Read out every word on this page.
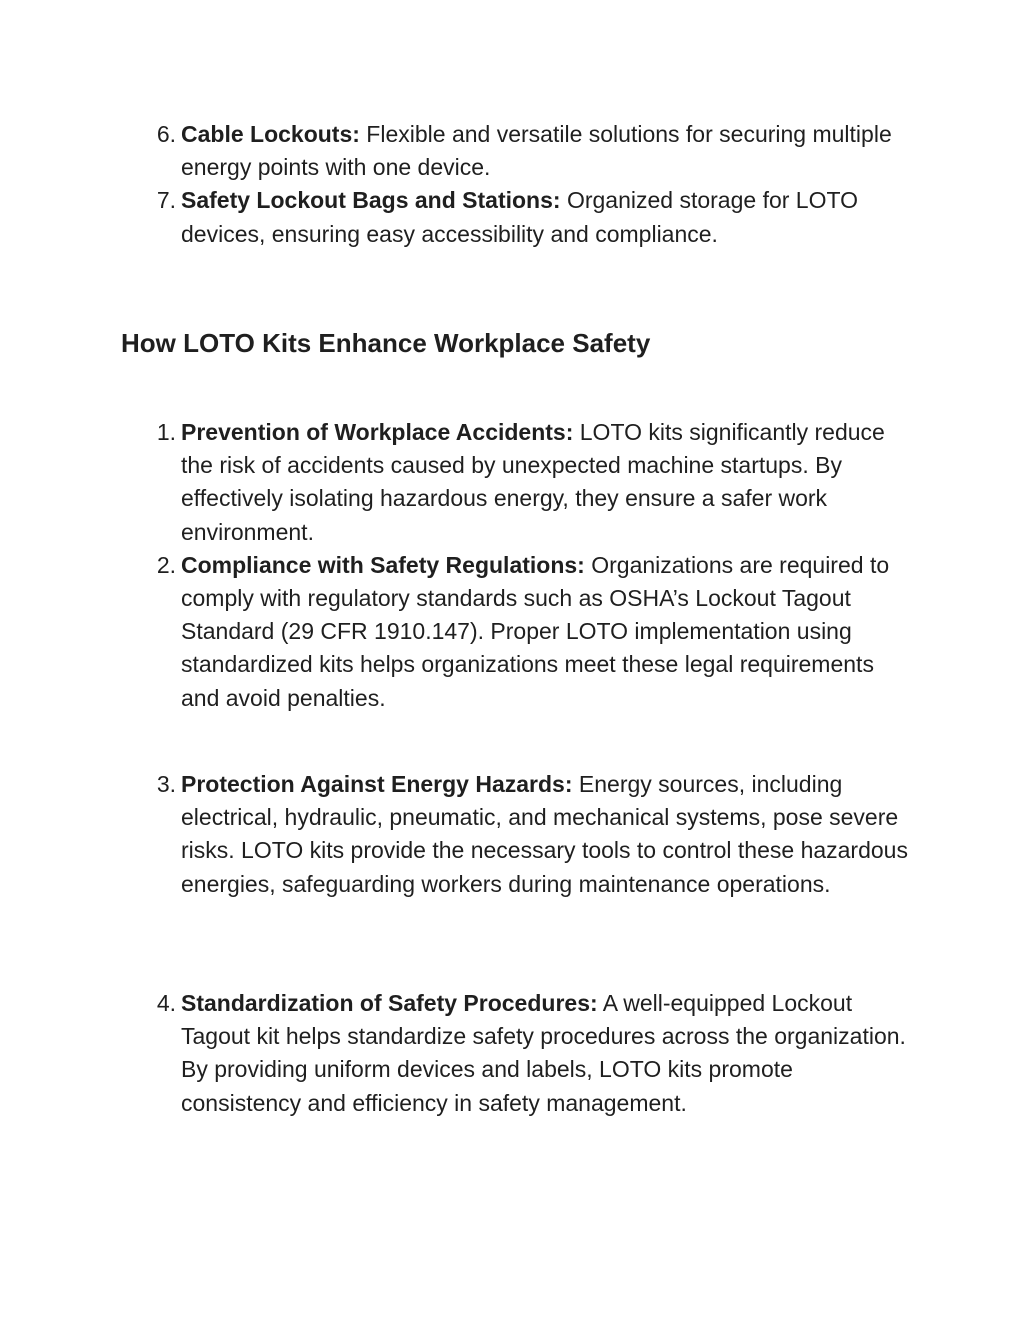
6. Cable Lockouts: Flexible and versatile solutions for securing multiple energy points with one device.
7. Safety Lockout Bags and Stations: Organized storage for LOTO devices, ensuring easy accessibility and compliance.
How LOTO Kits Enhance Workplace Safety
1. Prevention of Workplace Accidents: LOTO kits significantly reduce the risk of accidents caused by unexpected machine startups. By effectively isolating hazardous energy, they ensure a safer work environment.
2. Compliance with Safety Regulations: Organizations are required to comply with regulatory standards such as OSHA’s Lockout Tagout Standard (29 CFR 1910.147). Proper LOTO implementation using standardized kits helps organizations meet these legal requirements and avoid penalties.
3. Protection Against Energy Hazards: Energy sources, including electrical, hydraulic, pneumatic, and mechanical systems, pose severe risks. LOTO kits provide the necessary tools to control these hazardous energies, safeguarding workers during maintenance operations.
4. Standardization of Safety Procedures: A well-equipped Lockout Tagout kit helps standardize safety procedures across the organization. By providing uniform devices and labels, LOTO kits promote consistency and efficiency in safety management.
